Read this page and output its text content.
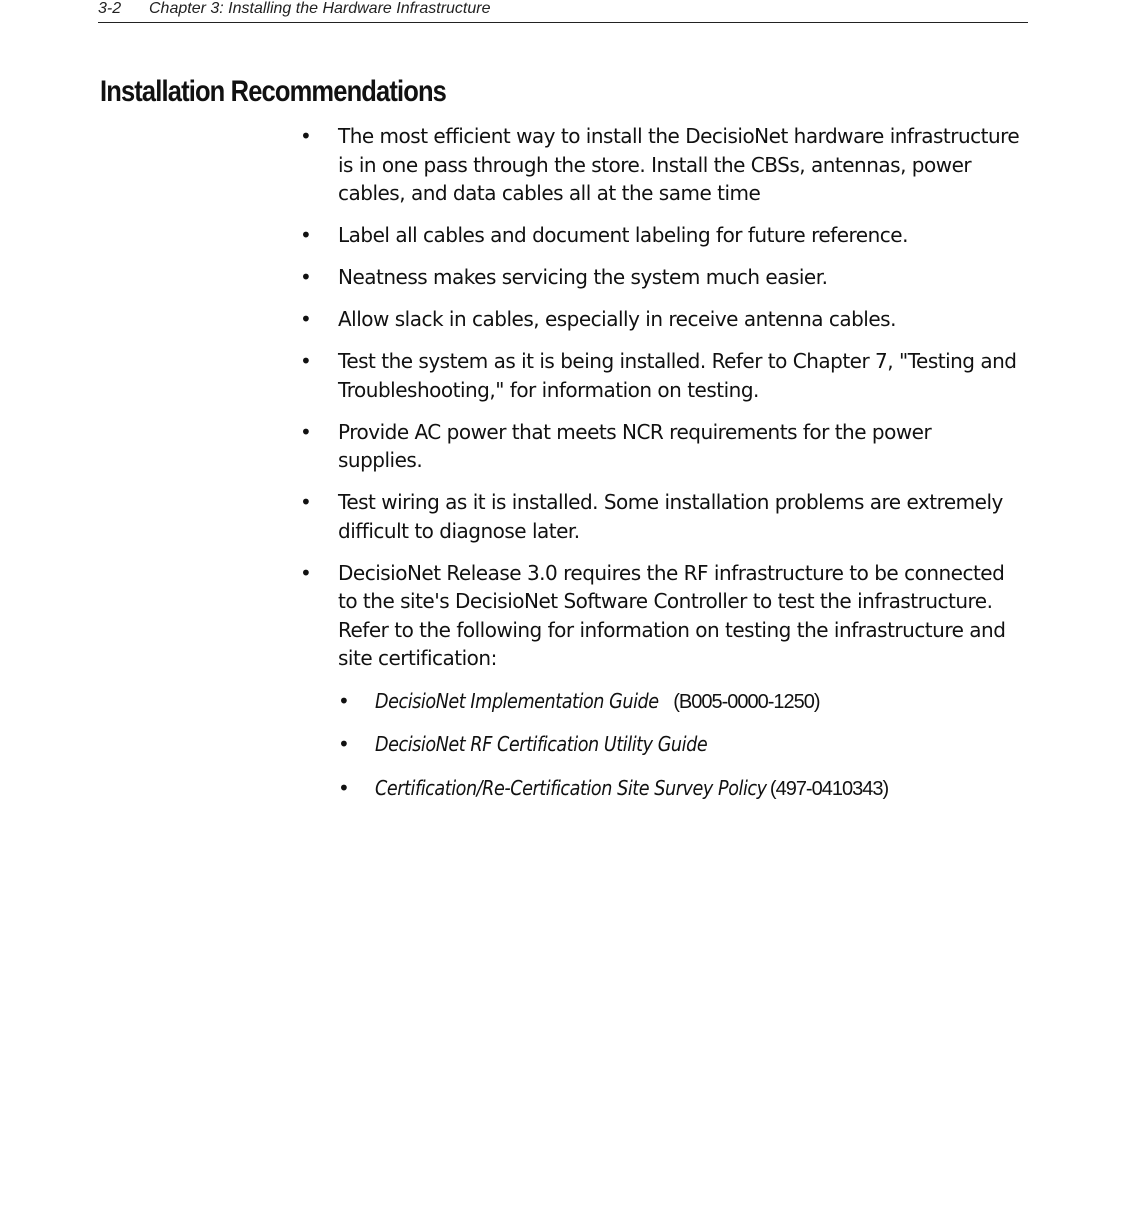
3-2 Chapter 3: Installing the Hardware Infrastructure
Installation Recommendations
• The most efficient way to install the DecisioNet hardware infrastructure is in one pass through the store. Install the CBSs, antennas, power cables, and data cables all at the same time
• Label all cables and document labeling for future reference.
• Neatness makes servicing the system much easier.
• Allow slack in cables, especially in receive antenna cables.
• Test the system as it is being installed. Refer to Chapter 7, "Testing and Troubleshooting," for information on testing.
• Provide AC power that meets NCR requirements for the power supplies.
• Test wiring as it is installed. Some installation problems are extremely difficult to diagnose later.
• DecisioNet Release 3.0 requires the RF infrastructure to be connected to the site's DecisioNet Software Controller to test the infrastructure. Refer to the following for information on testing the infrastructure and site certification:
• DecisioNet Implementation Guide (B005-0000-1250)
• DecisioNet RF Certification Utility Guide
• Certification/Re-Certification Site Survey Policy (497-0410343)
